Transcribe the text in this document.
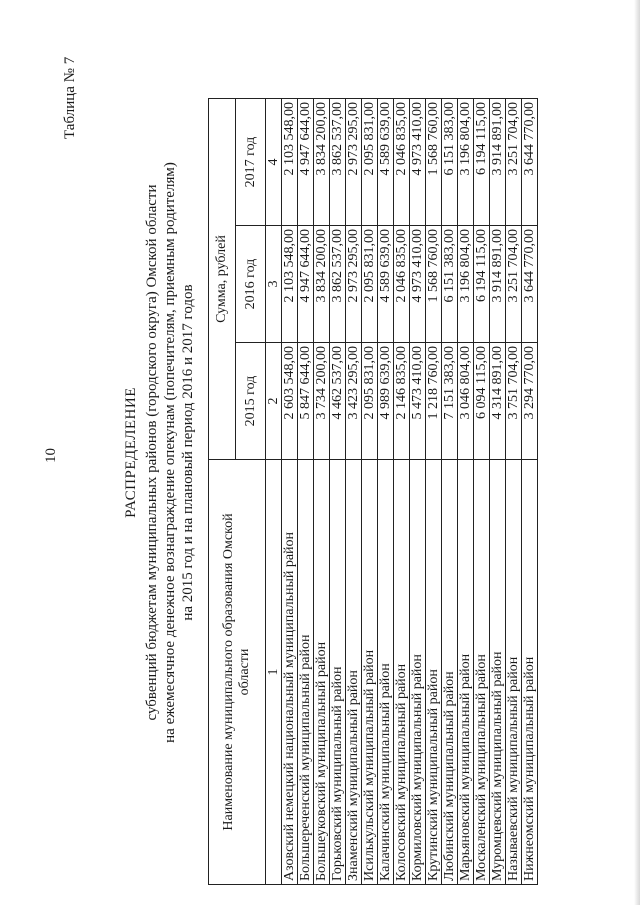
10
Таблица № 7
РАСПРЕДЕЛЕНИЕ субвенций бюджетам муниципальных районов (городского округа) Омской области на ежемесячное денежное вознаграждение опекунам (попечителям, приемным родителям) на 2015 год и на плановый период 2016 и 2017 годов
Наименование муниципального образования Омской области	Сумма, рублей		
	2015 год	2016 год	2017 год
1	2	3	4
Азовский немецкий национальный муниципальный район	2 603 548,00	2 103 548,00	2 103 548,00
Большереченский муниципальный район	5 847 644,00	4 947 644,00	4 947 644,00
Большеуковский муниципальный район	3 734 200,00	3 834 200,00	3 834 200,00
Горьковский муниципальный район	4 462 537,00	3 862 537,00	3 862 537,00
Знаменский муниципальный район	3 423 295,00	2 973 295,00	2 973 295,00
Исилькульский муниципальный район	2 095 831,00	2 095 831,00	2 095 831,00
Калачинский муниципальный район	4 989 639,00	4 589 639,00	4 589 639,00
Колосовский муниципальный район	2 146 835,00	2 046 835,00	2 046 835,00
Кормиловский муниципальный район	5 473 410,00	4 973 410,00	4 973 410,00
Крутинский муниципальный район	1 218 760,00	1 568 760,00	1 568 760,00
Любинский муниципальный район	7 151 383,00	6 151 383,00	6 151 383,00
Марьяновский муниципальный район	3 046 804,00	3 196 804,00	3 196 804,00
Москаленский муниципальный район	6 094 115,00	6 194 115,00	6 194 115,00
Муромцевский муниципальный район	4 314 891,00	3 914 891,00	3 914 891,00
Называевский муниципальный район	3 751 704,00	3 251 704,00	3 251 704,00
Нижнеомский муниципальный район	3 294 770,00	3 644 770,00	3 644 770,00
